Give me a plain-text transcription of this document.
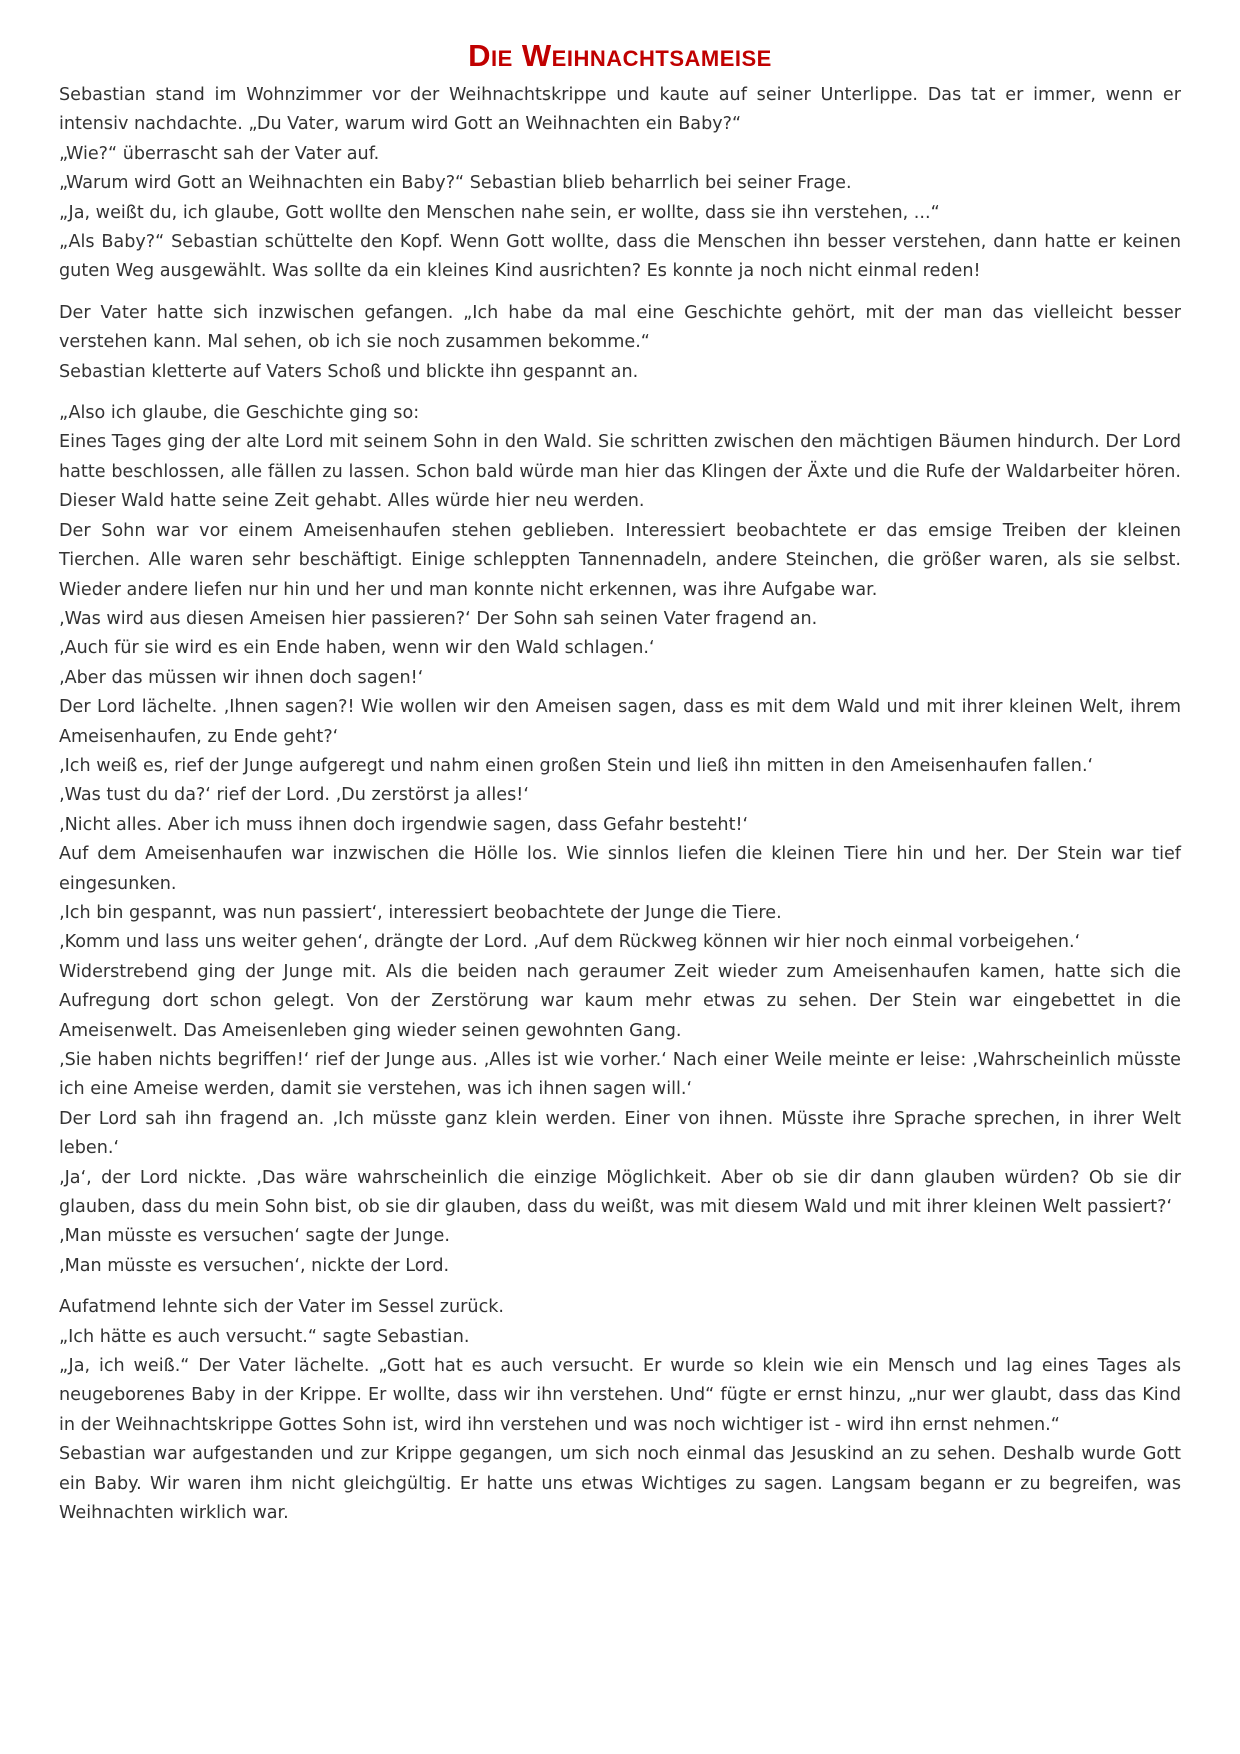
Die Weihnachtsameise

Sebastian stand im Wohnzimmer vor der Weihnachtskrippe und kaute auf seiner Unterlippe. Das tat er immer, wenn er intensiv nachdachte. „Du Vater, warum wird Gott an Weihnachten ein Baby?“

„Wie?“ überrascht sah der Vater auf.

„Warum wird Gott an Weihnachten ein Baby?“ Sebastian blieb beharrlich bei seiner Frage.

„Ja, weißt du, ich glaube, Gott wollte den Menschen nahe sein, er wollte, dass sie ihn verstehen, ...“

„Als Baby?“ Sebastian schüttelte den Kopf. Wenn Gott wollte, dass die Menschen ihn besser verstehen, dann hatte er keinen guten Weg ausgewählt. Was sollte da ein kleines Kind ausrichten? Es konnte ja noch nicht einmal reden!

Der Vater hatte sich inzwischen gefangen. „Ich habe da mal eine Geschichte gehört, mit der man das vielleicht besser verstehen kann. Mal sehen, ob ich sie noch zusammen bekomme.“

Sebastian kletterte auf Vaters Schoß und blickte ihn gespannt an.

„Also ich glaube, die Geschichte ging so:

Eines Tages ging der alte Lord mit seinem Sohn in den Wald. Sie schritten zwischen den mächtigen Bäumen hindurch. Der Lord hatte beschlossen, alle fällen zu lassen. Schon bald würde man hier das Klingen der Äxte und die Rufe der Waldarbeiter hören. Dieser Wald hatte seine Zeit gehabt. Alles würde hier neu werden.

Der Sohn war vor einem Ameisenhaufen stehen geblieben. Interessiert beobachtete er das emsige Treiben der kleinen Tierchen. Alle waren sehr beschäftigt. Einige schleppten Tannennadeln, andere Steinchen, die größer waren, als sie selbst. Wieder andere liefen nur hin und her und man konnte nicht erkennen, was ihre Aufgabe war.

‚Was wird aus diesen Ameisen hier passieren?‘ Der Sohn sah seinen Vater fragend an.

‚Auch für sie wird es ein Ende haben, wenn wir den Wald schlagen.‘

‚Aber das müssen wir ihnen doch sagen!‘

Der Lord lächelte. ‚Ihnen sagen?! Wie wollen wir den Ameisen sagen, dass es mit dem Wald und mit ihrer kleinen Welt, ihrem Ameisenhaufen, zu Ende geht?‘

‚Ich weiß es, rief der Junge aufgeregt und nahm einen großen Stein und ließ ihn mitten in den Ameisenhaufen fallen.‘

‚Was tust du da?‘ rief der Lord. ‚Du zerstörst ja alles!‘

‚Nicht alles. Aber ich muss ihnen doch irgendwie sagen, dass Gefahr besteht!‘

Auf dem Ameisenhaufen war inzwischen die Hölle los. Wie sinnlos liefen die kleinen Tiere hin und her. Der Stein war tief eingesunken.

‚Ich bin gespannt, was nun passiert‘, interessiert beobachtete der Junge die Tiere.

‚Komm und lass uns weiter gehen‘, drängte der Lord. ‚Auf dem Rückweg können wir hier noch einmal vorbeigehen.‘

Widerstrebend ging der Junge mit. Als die beiden nach geraumer Zeit wieder zum Ameisenhaufen kamen, hatte sich die Aufregung dort schon gelegt. Von der Zerstörung war kaum mehr etwas zu sehen. Der Stein war eingebettet in die Ameisenwelt. Das Ameisenleben ging wieder seinen gewohnten Gang.

‚Sie haben nichts begriffen!‘ rief der Junge aus. ‚Alles ist wie vorher.‘ Nach einer Weile meinte er leise: ‚Wahrscheinlich müsste ich eine Ameise werden, damit sie verstehen, was ich ihnen sagen will.‘

Der Lord sah ihn fragend an. ‚Ich müsste ganz klein werden. Einer von ihnen. Müsste ihre Sprache sprechen, in ihrer Welt leben.‘

‚Ja‘, der Lord nickte. ‚Das wäre wahrscheinlich die einzige Möglichkeit. Aber ob sie dir dann glauben würden? Ob sie dir glauben, dass du mein Sohn bist, ob sie dir glauben, dass du weißt, was mit diesem Wald und mit ihrer kleinen Welt passiert?‘

‚Man müsste es versuchen‘ sagte der Junge.

‚Man müsste es versuchen‘, nickte der Lord.

Aufatmend lehnte sich der Vater im Sessel zurück.

„Ich hätte es auch versucht.“ sagte Sebastian.

„Ja, ich weiß.“ Der Vater lächelte. „Gott hat es auch versucht. Er wurde so klein wie ein Mensch und lag eines Tages als neugeborenes Baby in der Krippe. Er wollte, dass wir ihn verstehen. Und“ fügte er ernst hinzu, „nur wer glaubt, dass das Kind in der Weihnachtskrippe Gottes Sohn ist, wird ihn verstehen und was noch wichtiger ist - wird ihn ernst nehmen.“

Sebastian war aufgestanden und zur Krippe gegangen, um sich noch einmal das Jesuskind an zu sehen. Deshalb wurde Gott ein Baby. Wir waren ihm nicht gleichgültig. Er hatte uns etwas Wichtiges zu sagen. Langsam begann er zu begreifen, was Weihnachten wirklich war.
